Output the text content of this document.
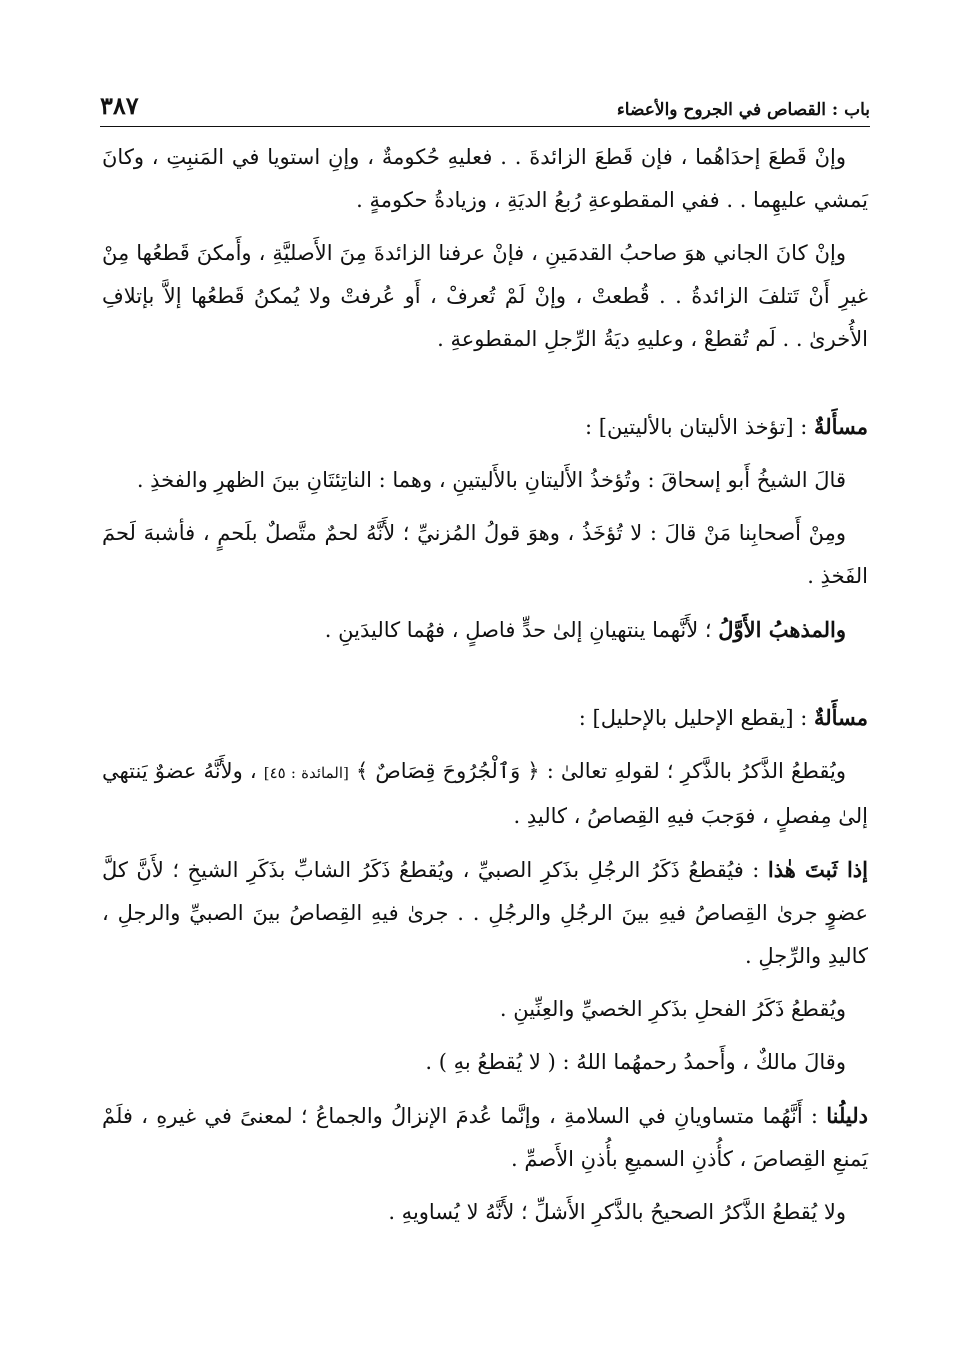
باب : القصاص في الجروح والأعضاء
٣٨٧

وإنْ قَطعَ إحدَاهُما ، فإن قَطعَ الزائدةَ . . فعليهِ حُكومةٌ ، وإنِ استويا في المَنبِتِ ، وكانَ يَمشي عليهِما . . ففي المقطوعةِ رُبعُ الديَةِ ، وزيادةُ حكومةٍ .

وإنْ كانَ الجاني هوَ صاحبُ القدمَينِ ، فإنْ عرفنا الزائدةَ مِنَ الأَصليَّةِ ، وأَمكنَ قَطعُها مِنْ غيرِ أَنْ تَتلفَ الزائدةُ . . قُطعتْ ، وإنْ لَمْ تُعرفْ ، أَو عُرفتْ ولا يُمكنُ قَطعُها إلاَّ بإتلافِ الأُخرىٰ . . لَم تُقطعْ ، وعليهِ ديَةُ الرِّجلِ المقطوعةِ .

مسأَلةٌ : [تؤخذ الأليتان بالأليتين] :

قالَ الشيخُ أَبو إسحاقَ : وتُؤخذُ الأَليتانِ بالأَليتينِ ، وهما : الناتِئتَانِ بينَ الظهرِ والفخذِ .

ومِنْ أَصحابِنا مَنْ قالَ : لا تُؤخَذُ ، وهوَ قولُ المُزنيِّ ؛ لأَنَّهُ لحمٌ متَّصلٌ بلَحمٍ ، فأشبهَ لَحمَ الفَخذِ .

والمذهبُ الأَوَّلُ ؛ لأَنَّهما ينتهيانِ إلىٰ حدٍّ فاصلٍ ، فهُما كاليدَينِ .

مسأَلةٌ : [يقطع الإحليل بالإحليل] :

ويُقطعُ الذَّكرُ بالذَّكرِ ؛ لقولهِ تعالىٰ : ﴿ وَٱلْجُرُوحَ قِصَاصٌ ﴾ [المائدة : ٤٥] ، ولأَنَّهُ عضوٌ يَنتهي إلىٰ مِفصلٍ ، فوَجبَ فيهِ القِصاصُ ، كاليدِ .

إذا ثَبتَ هٰذا : فيُقطعُ ذَكَرُ الرجُلِ بذَكرِ الصبيِّ ، ويُقطعُ ذَكَرُ الشابِّ بذَكَرِ الشيخِ ؛ لأَنَّ كلَّ عضوٍ جرىٰ القِصاصُ فيهِ بينَ الرجُلِ والرجُلِ . . جرىٰ فيهِ القِصاصُ بينَ الصبيِّ والرجلِ ، كاليدِ والرِّجلِ .

ويُقطعُ ذَكَرُ الفحلِ بذَكرِ الخصيِّ والعِنِّينِ .

وقالَ مالكٌ ، وأَحمدُ رحمهُما اللهُ : ( لا يُقطعُ بهِ ) .

دليلُنا : أَنَّهُما متساويانِ في السلامةِ ، وإنَّما عُدمَ الإنزالُ والجماعُ ؛ لمعنىً في غيرهِ ، فلَمْ يَمنعِ القِصاصَ ، كأُذنِ السميعِ بأُذنِ الأَصمِّ .

ولا يُقطعُ الذَّكرُ الصحيحُ بالذَّكرِ الأَشلِّ ؛ لأَنَّهُ لا يُساويهِ .
